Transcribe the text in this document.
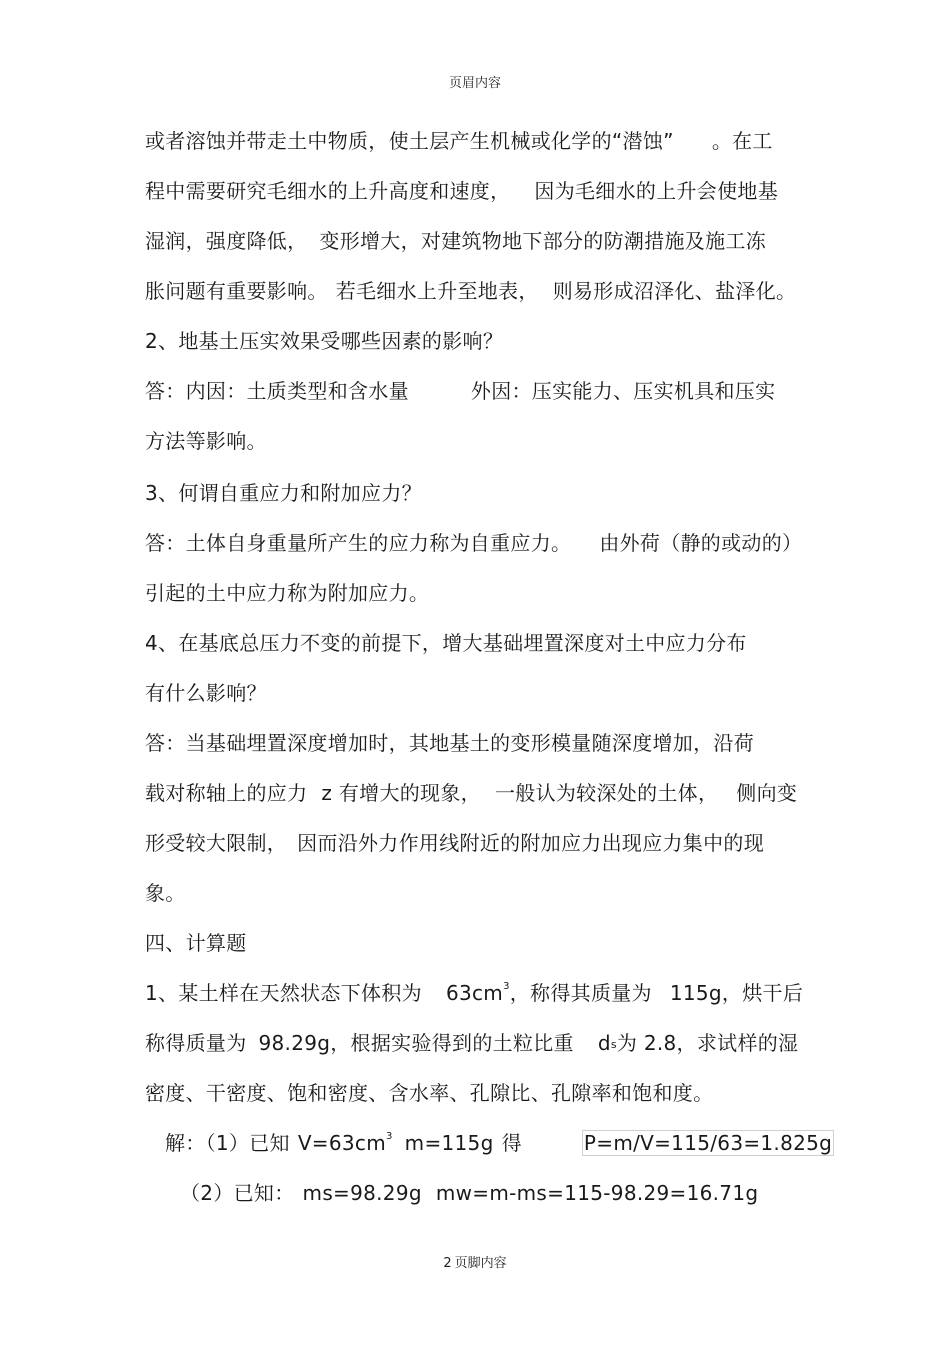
页眉内容
或者溶蚀并带走土中物质，使土层产生机械或化学的“潜蚀” 。在工
程中需要研究毛细水的上升高度和速度， 因为毛细水的上升会使地基
湿润，强度降低， 变形增大，对建筑物地下部分的防潮措施及施工冻
胀问题有重要影响。 若毛细水上升至地表， 则易形成沼泽化、盐泽化。
2、地基土压实效果受哪些因素的影响？
答：内因：土质类型和含水量	外因：压实能力、压实机具和压实
方法等影响。
3、何谓自重应力和附加应力？
答：土体自身重量所产生的应力称为自重应力。 由外荷（静的或动的）
引起的土中应力称为附加应力。
4、在基底总压力不变的前提下，增大基础埋置深度对土中应力分布
有什么影响？
答：当基础埋置深度增加时，其地基土的变形模量随深度增加，沿荷
载对称轴上的应力 z 有增大的现象， 一般认为较深处的土体， 侧向变
形受较大限制， 因而沿外力作用线附近的附加应力出现应力集中的现
象。
四、计算题
1、某土样在天然状态下体积为 $63cm^3$，称得其质量为 115g，烘干后
称得质量为 98.29g，根据实验得到的土粒比重 $d_s$为 2.8，求试样的湿
密度、干密度、饱和密度、含水率、孔隙比、孔隙率和饱和度。
解：（1）已知 $V=63cm^3$ m=115g 得	P=m/V=115/63=1.825g
（2）已知： ms=98.29g mw=m-ms=115-98.29=16.71g
2 页脚内容
